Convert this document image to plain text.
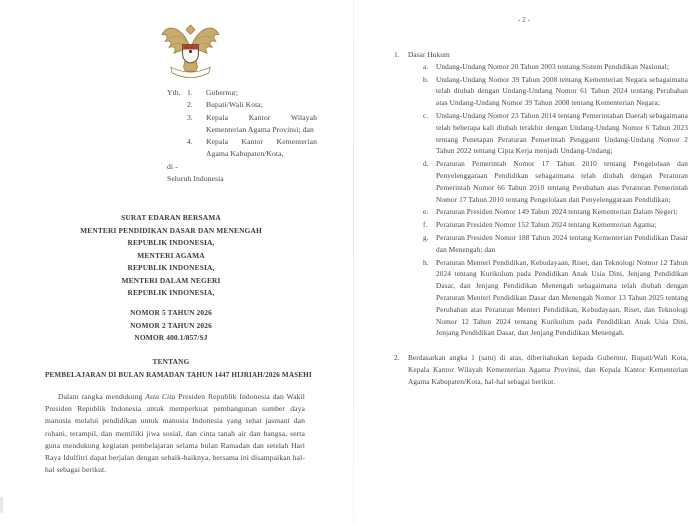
Yth. 1.	Gubernur;
2.	Bupati/Wali Kota;
3.	Kepala Kantor Wilayah Kementerian Agama Provinsi; dan
4.	Kepala Kantor Kementerian Agama Kabupaten/Kota,
di -
Seluruh Indonesia
SURAT EDARAN BERSAMA
MENTERI PENDIDIKAN DASAR DAN MENENGAH
REPUBLIK INDONESIA,
MENTERI AGAMA
REPUBLIK INDONESIA,
MENTERI DALAM NEGERI
REPUBLIK INDONESIA,
NOMOR 5 TAHUN 2026
NOMOR 2 TAHUN 2026
NOMOR 400.1/857/SJ
TENTANG
PEMBELAJARAN DI BULAN RAMADAN TAHUN 1447 HIJRIAH/2026 MASEHI

Dalam rangka mendukung Asta Cita Presiden Republik Indonesia dan Wakil Presiden Republik Indonesia untuk memperkuat pembangunan sumber daya manusia melalui pendidikan untuk manusia Indonesia yang sehat jasmani dan rohani, terampil, dan memiliki jiwa sosial, dan cinta tanah air dan bangsa, serta guna mendukung kegiatan pembelajaran selama bulan Ramadan dan setelah Hari Raya Idulfitri dapat berjalan dengan sebaik-baiknya, bersama ini disampaikan hal-hal sebagai berikut.

- 2 -
1.	Dasar Hukum
a.	Undang-Undang Nomor 20 Tahun 2003 tentang Sistem Pendidikan Nasional;
b.	Undang-Undang Nomor 39 Tahun 2008 tentang Kementerian Negara sebagaimana telah diubah dengan Undang-Undang Nomor 61 Tahun 2024 tentang Perubahan atas Undang-Undang Nomor 39 Tahun 2008 tentang Kementerian Negara;
c.	Undang-Undang Nomor 23 Tahun 2014 tentang Pemerintahan Daerah sebagaimana telah beberapa kali diubah terakhir dengan Undang-Undang Nomor 6 Tahun 2023 tentang Penetapan Peraturan Pemerintah Pengganti Undang-Undang Nomor 2 Tahun 2022 tentang Cipta Kerja menjadi Undang-Undang;
d.	Peraturan Pemerintah Nomor 17 Tahun 2010 tentang Pengelolaan dan Penyelenggaraan Pendidikan sebagaimana telah diubah dengan Peraturan Pemerintah Nomor 66 Tahun 2010 tentang Perubahan atas Peraturan Pemerintah Nomor 17 Tahun 2010 tentang Pengelolaan dan Penyelenggaraan Pendidikan;
e.	Peraturan Presiden Nomor 149 Tahun 2024 tentang Kementerian Dalam Negeri;
f.	Peraturan Presiden Nomor 152 Tahun 2024 tentang Kementerian Agama;
g.	Peraturan Presiden Nomor 188 Tahun 2024 tentang Kementerian Pendidikan Dasar dan Menengah; dan
h.	Peraturan Menteri Pendidikan, Kebudayaan, Riset, dan Teknologi Nomor 12 Tahun 2024 tentang Kurikulum pada Pendidikan Anak Usia Dini, Jenjang Pendidikan Dasar, dan Jenjang Pendidikan Menengah sebagaimana telah diubah dengan Peraturan Menteri Pendidikan Dasar dan Menengah Nomor 13 Tahun 2025 tentang Perubahan atas Peraturan Menteri Pendidikan, Kebudayaan, Riset, dan Teknologi Nomor 12 Tahun 2024 tentang Kurikulum pada Pendidikan Anak Usia Dini, Jenjang Pendidikan Dasar, dan Jenjang Pendidikan Menengah.
2.	Berdasarkan angka 1 (satu) di atas, diberitahukan kepada Gubernur, Bupati/Wali Kota, Kepala Kantor Wilayah Kementerian Agama Provinsi, dan Kepala Kantor Kementerian Agama Kabupaten/Kota, hal-hal sebagai berikut.
